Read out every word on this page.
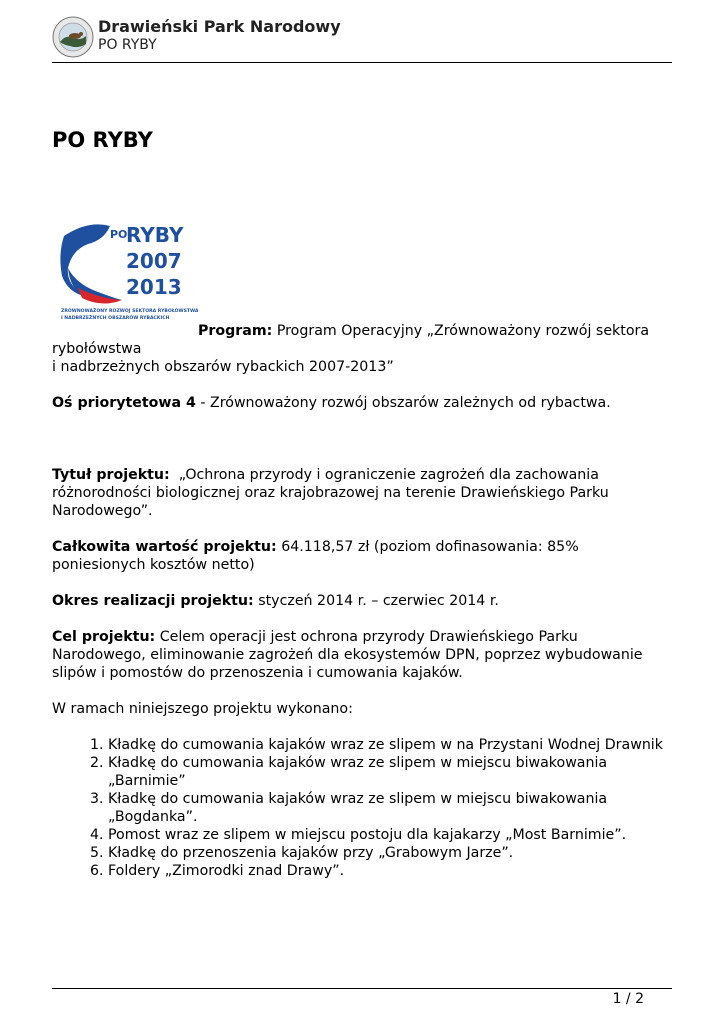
Drawieński Park Narodowy
PO RYBY
PO RYBY
PO
RYBY
2007
2013
ZRÓWNOWAŻONY ROZWÓJ SEKTORA RYBOŁÓWSTWA
I NADBRZEŻNYCH OBSZARÓW RYBACKICH

Program: Program Operacyjny „Zrównoważony rozwój sektora rybołówstwa
i nadbrzeżnych obszarów rybackich 2007-2013”

Oś priorytetowa 4 - Zrównoważony rozwój obszarów zależnych od rybactwa.

Tytuł projektu: „Ochrona przyrody i ograniczenie zagrożeń dla zachowania różnorodności biologicznej oraz krajobrazowej na terenie Drawieńskiego Parku Narodowego”.

Całkowita wartość projektu: 64.118,57 zł (poziom dofinasowania: 85% poniesionych kosztów netto)

Okres realizacji projektu: styczeń 2014 r. – czerwiec 2014 r.

Cel projektu: Celem operacji jest ochrona przyrody Drawieńskiego Parku Narodowego, eliminowanie zagrożeń dla ekosystemów DPN, poprzez wybudowanie slipów i pomostów do przenoszenia i cumowania kajaków.

W ramach niniejszego projektu wykonano:

1. Kładkę do cumowania kajaków wraz ze slipem w na Przystani Wodnej Drawnik
2. Kładkę do cumowania kajaków wraz ze slipem w miejscu biwakowania „Barnimie”
3. Kładkę do cumowania kajaków wraz ze slipem w miejscu biwakowania „Bogdanka”.
4. Pomost wraz ze slipem w miejscu postoju dla kajakarzy „Most Barnimie”.
5. Kładkę do przenoszenia kajaków przy „Grabowym Jarze”.
6. Foldery „Zimorodki znad Drawy”.
1 / 2
